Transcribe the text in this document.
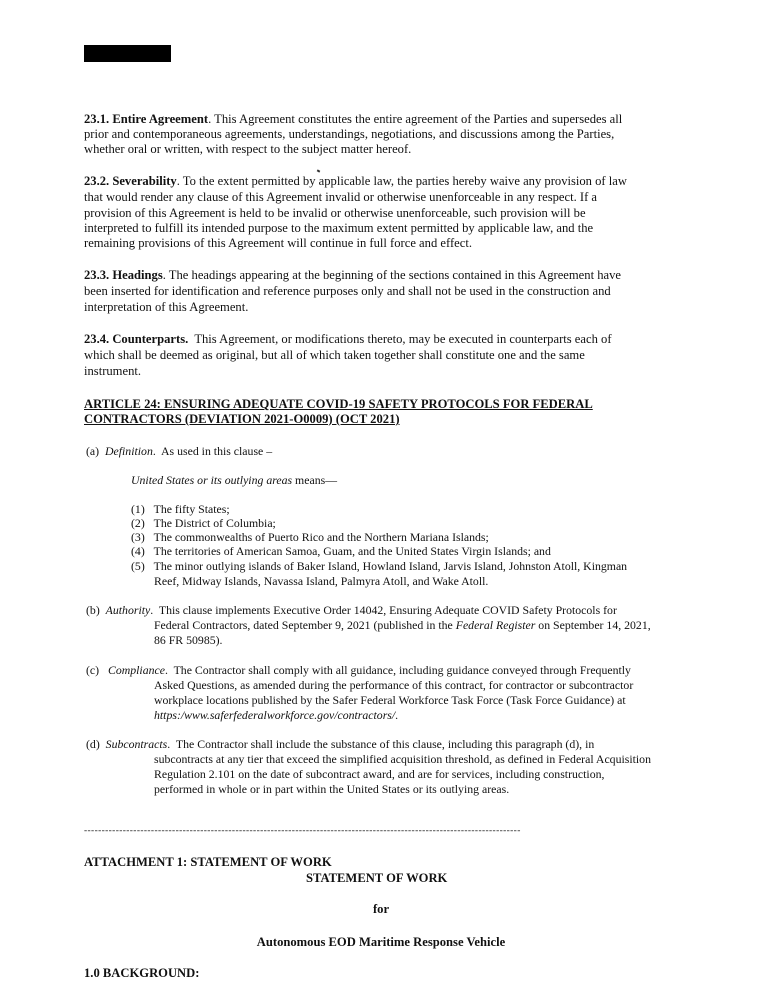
23.1. Entire Agreement. This Agreement constitutes the entire agreement of the Parties and supersedes all
prior and contemporaneous agreements, understandings, negotiations, and discussions among the Parties,
whether oral or written, with respect to the subject matter hereof.
23.2. Severability. To the extent permitted by applicable law, the parties hereby waive any provision of law
that would render any clause of this Agreement invalid or otherwise unenforceable in any respect. If a
provision of this Agreement is held to be invalid or otherwise unenforceable, such provision will be
interpreted to fulfill its intended purpose to the maximum extent permitted by applicable law, and the
remaining provisions of this Agreement will continue in full force and effect.
23.3. Headings. The headings appearing at the beginning of the sections contained in this Agreement have
been inserted for identification and reference purposes only and shall not be used in the construction and
interpretation of this Agreement.
23.4. Counterparts.  This Agreement, or modifications thereto, may be executed in counterparts each of
which shall be deemed as original, but all of which taken together shall constitute one and the same
instrument.
ARTICLE 24: ENSURING ADEQUATE COVID-19 SAFETY PROTOCOLS FOR FEDERAL
CONTRACTORS (DEVIATION 2021-O0009) (OCT 2021)
(a) Definition.  As used in this clause –
United States or its outlying areas means—
(1) The fifty States;
(2) The District of Columbia;
(3) The commonwealths of Puerto Rico and the Northern Mariana Islands;
(4) The territories of American Samoa, Guam, and the United States Virgin Islands; and
(5) The minor outlying islands of Baker Island, Howland Island, Jarvis Island, Johnston Atoll, Kingman
Reef, Midway Islands, Navassa Island, Palmyra Atoll, and Wake Atoll.
(b) Authority.  This clause implements Executive Order 14042, Ensuring Adequate COVID Safety Protocols for
Federal Contractors, dated September 9, 2021 (published in the Federal Register on September 14, 2021,
86 FR 50985).
(c) Compliance.  The Contractor shall comply with all guidance, including guidance conveyed through Frequently
Asked Questions, as amended during the performance of this contract, for contractor or subcontractor
workplace locations published by the Safer Federal Workforce Task Force (Task Force Guidance) at
https:/www.saferfederalworkforce.gov/contractors/.
(d) Subcontracts.  The Contractor shall include the substance of this clause, including this paragraph (d), in
subcontracts at any tier that exceed the simplified acquisition threshold, as defined in Federal Acquisition
Regulation 2.101 on the date of subcontract award, and are for services, including construction,
performed in whole or in part within the United States or its outlying areas.
----------------------------------------------------------------------------------------------------------------------------
ATTACHMENT 1: STATEMENT OF WORK
STATEMENT OF WORK
for
Autonomous EOD Maritime Response Vehicle
1.0 BACKGROUND:
